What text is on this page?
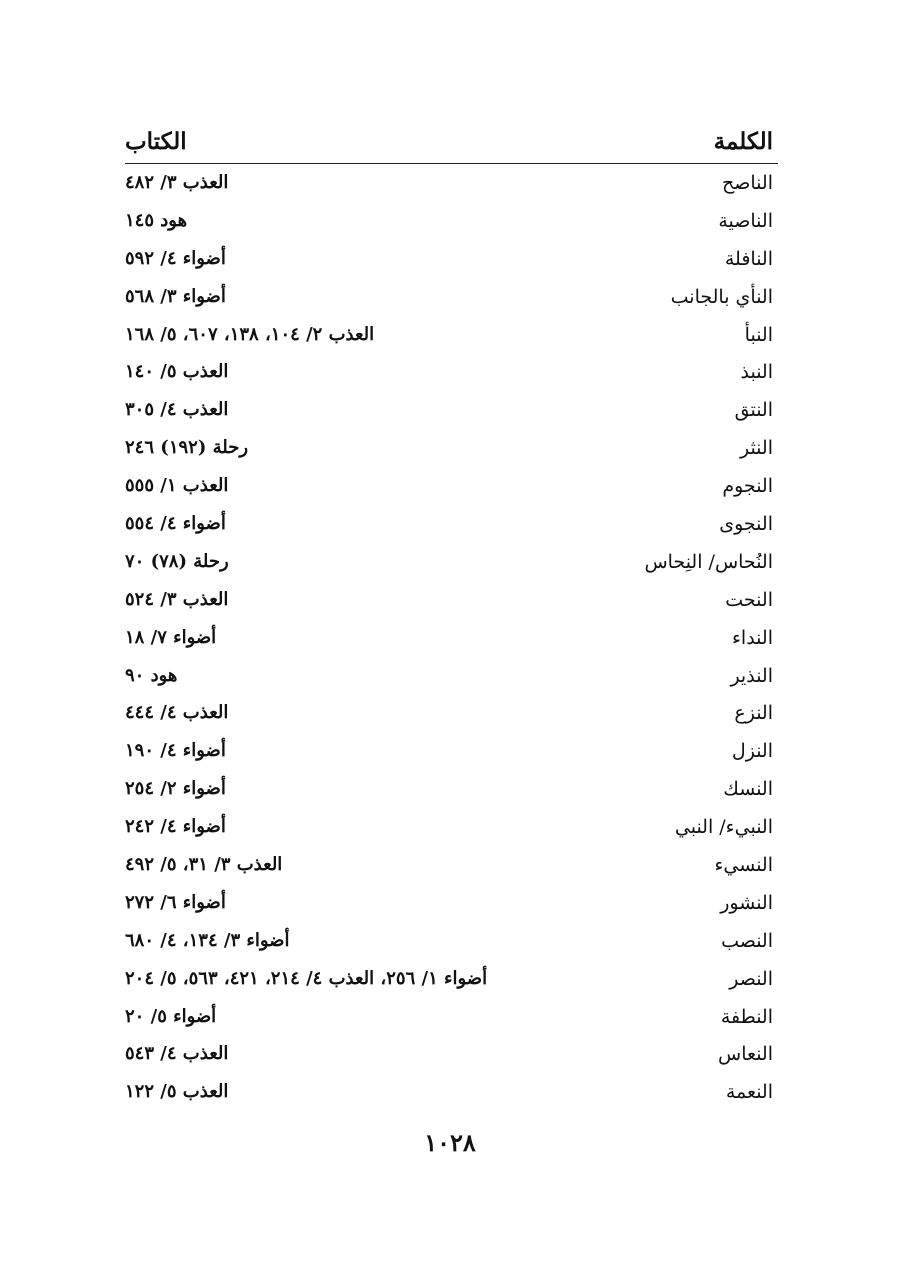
الكلمة
الكتاب
الناصح
العذب ٣/ ٤٨٢
الناصية
هود ١٤٥
النافلة
أضواء ٤/ ٥٩٢
النأي بالجانب
أضواء ٣/ ٥٦٨
النبأ
العذب ٢/ ١٠٤، ١٣٨، ٦٠٧، ٥/ ١٦٨
النبذ
العذب ٥/ ١٤٠
النتق
العذب ٤/ ٣٠٥
النثر
رحلة (١٩٢) ٢٤٦
النجوم
العذب ١/ ٥٥٥
النجوى
أضواء ٤/ ٥٥٤
النُحاس/ النِحاس
رحلة (٧٨) ٧٠
النحت
العذب ٣/ ٥٢٤
النداء
أضواء ٧/ ١٨
النذير
هود ٩٠
النزع
العذب ٤/ ٤٤٤
النزل
أضواء ٤/ ١٩٠
النسك
أضواء ٢/ ٢٥٤
النبيء/ النبي
أضواء ٤/ ٢٤٢
النسيء
العذب ٣/ ٣١، ٥/ ٤٩٢
النشور
أضواء ٦/ ٢٧٢
النصب
أضواء ٣/ ١٣٤، ٤/ ٦٨٠
النصر
أضواء ١/ ٢٥٦، العذب ٤/ ٢١٤، ٤٢١، ٥٦٣، ٥/ ٢٠٤
النطفة
أضواء ٥/ ٢٠
النعاس
العذب ٤/ ٥٤٣
النعمة
العذب ٥/ ١٢٢
١٠٢٨
